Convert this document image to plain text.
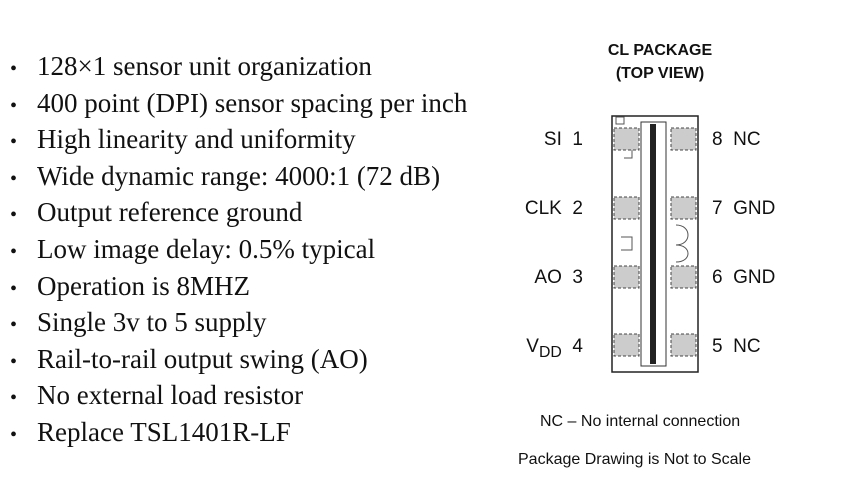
• 128×1 sensor unit organization
• 400 point (DPI) sensor spacing per inch
• High linearity and uniformity
• Wide dynamic range: 4000:1 (72 dB)
• Output reference ground
• Low image delay: 0.5% typical
• Operation is 8MHZ
• Single 3v to 5 supply
• Rail-to-rail output swing (AO)
• No external load resistor
• Replace TSL1401R-LF
CL PACKAGE
(TOP VIEW)
SI 1
CLK 2
AO 3
$V_{DD}$ 4
8 NC
7 GND
6 GND
5 NC
NC – No internal connection
Package Drawing is Not to Scale
